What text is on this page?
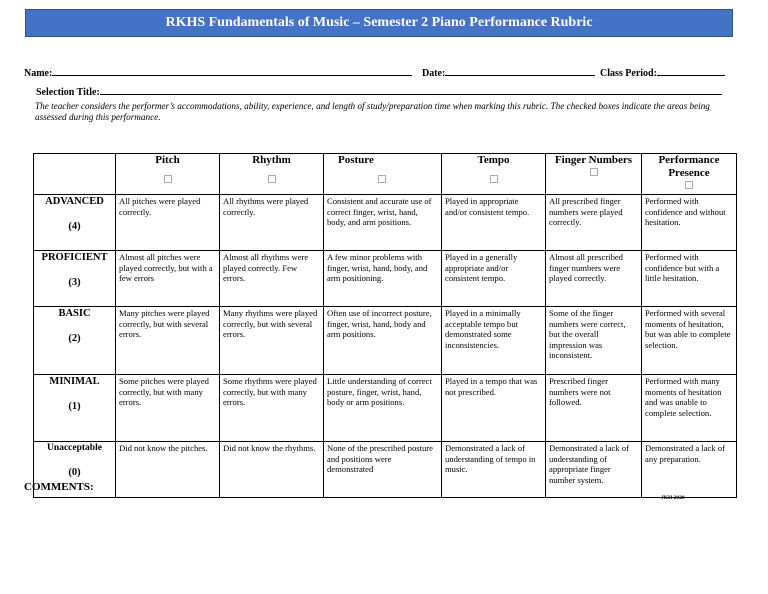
RKHS Fundamentals of Music – Semester 2 Piano Performance Rubric
Name:	Date:	Class Period:
Selection Title:
The teacher considers the performer’s accommodations, ability, experience, and length of study/preparation time when marking this rubric. The checked boxes indicate the areas being assessed during this performance.

	Pitch	Rhythm	Posture	Tempo	Finger Numbers	Performance Presence

ADVANCED
(4)	All pitches were played correctly.	All rhythms were played correctly.	Consistent and accurate use of correct finger, wrist, hand, body, and arm positions.	Played in appropriate and/or consistent tempo.	All prescribed finger numbers were played correctly.	Performed with confidence and without hesitation.

PROFICIENT
(3)	Almost all pitches were played correctly, but with a few errors	Almost all rhythms were played correctly. Few errors.	A few minor problems with finger, wrist, hand, body, and arm positioning.	Played in a generally appropriate and/or consistent tempo.	Almost all prescribed finger numbers were played correctly.	Performed with confidence but with a little hesitation.

BASIC
(2)	Many pitches were played correctly, but with several errors.	Many rhythms were played correctly, but with several errors.	Often use of incorrect posture, finger, wrist, hand, body and arm positions.	Played in a minimally acceptable tempo but demonstrated some inconsistencies.	Some of the finger numbers were correct, but the overall impression was inconsistent.	Performed with several moments of hesitation, but was able to complete selection.

MINIMAL
(1)	Some pitches were played correctly, but with many errors.	Some rhythms were played correctly, but with many errors.	Little understanding of correct posture, finger, wrist, hand, body or arm positions.	Played in a tempo that was not prescribed.	Prescribed finger numbers were not followed.	Performed with many moments of hesitation and was unable to complete selection.

Unacceptable
(0)	Did not know the pitches.	Did not know the rhythms.	None of the prescribed posture and positions were demonstrated	Demonstrated a lack of understanding of tempo in music.	Demonstrated a lack of understanding of appropriate finger number system.	Demonstrated a lack of any preparation.
COMMENTS:
JKH 2020
